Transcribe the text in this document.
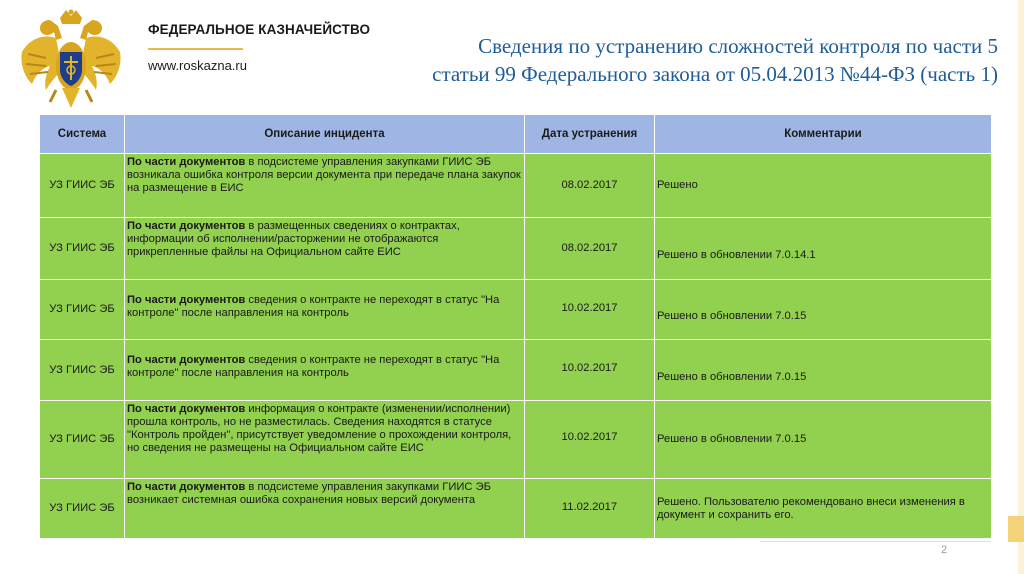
ФЕДЕРАЛЬНОЕ КАЗНАЧЕЙСТВО
www.roskazna.ru
Сведения по устранению сложностей контроля по части 5
статьи 99 Федерального закона от 05.04.2013 №44-ФЗ (часть 1)
Система	Описание инцидента	Дата устранения	Комментарии
УЗ ГИИС ЭБ	По части документов в подсистеме управления закупками ГИИС ЭБ возникала ошибка контроля версии документа при передаче плана закупок на размещение в ЕИС	08.02.2017	Решено
УЗ ГИИС ЭБ	По части документов в размещенных сведениях о контрактах, информации об исполнении/расторжении не отображаются прикрепленные файлы на Официальном сайте ЕИС	08.02.2017	Решено в обновлении 7.0.14.1

УЗ ГИИС ЭБ	По части документов сведения о контракте не переходят в статус "На контроле" после направления на контроль	10.02.2017	Решено в обновлении 7.0.15

УЗ ГИИС ЭБ	По части документов сведения о контракте не переходят в статус "На контроле" после направления на контроль	10.02.2017	Решено в обновлении 7.0.15

УЗ ГИИС ЭБ	По части документов информация о контракте (изменении/исполнении) прошла контроль, но не разместилась. Сведения находятся в статусе "Контроль пройден", присутствует уведомление о прохождении контроля, но сведения не размещены на Официальном сайте ЕИС	10.02.2017	Решено в обновлении 7.0.15
УЗ ГИИС ЭБ	По части документов в подсистеме управления закупками ГИИС ЭБ возникает системная ошибка сохранения новых версий документа	11.02.2017	Решено. Пользователю рекомендовано внеси изменения в документ и сохранить его.
2
